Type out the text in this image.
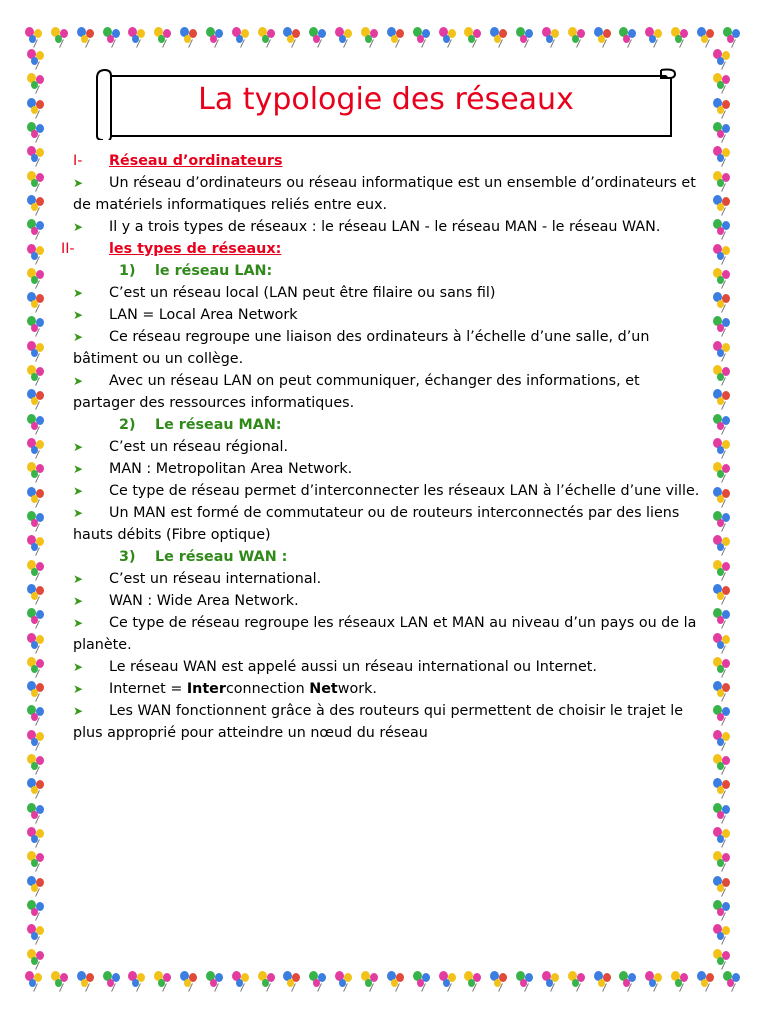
La typologie des réseaux
I- Réseau d’ordinateurs
➤ Un réseau d’ordinateurs ou réseau informatique est un ensemble d’ordinateurs et de matériels informatiques reliés entre eux.
➤ Il y a trois types de réseaux : le réseau LAN - le réseau MAN - le réseau WAN.
II- les types de réseaux:
1) le réseau LAN:
➤ C’est un réseau local (LAN peut être filaire ou sans fil)
➤ LAN = Local Area Network
➤ Ce réseau regroupe une liaison des ordinateurs à l’échelle d’une salle, d’un bâtiment ou un collège.
➤ Avec un réseau LAN on peut communiquer, échanger des informations, et partager des ressources informatiques.
2) Le réseau MAN:
➤ C’est un réseau régional.
➤ MAN : Metropolitan Area Network.
➤ Ce type de réseau permet d’interconnecter les réseaux LAN à l’échelle d’une ville.
➤ Un MAN est formé de commutateur ou de routeurs interconnectés par des liens hauts débits (Fibre optique)
3) Le réseau WAN :
➤ C’est un réseau international.
➤ WAN : Wide Area Network.
➤ Ce type de réseau regroupe les réseaux LAN et MAN au niveau d’un pays ou de la planète.
➤ Le réseau WAN est appelé aussi un réseau international ou Internet.
➤ Internet = Interconnection Network.
➤ Les WAN fonctionnent grâce à des routeurs qui permettent de choisir le trajet le plus approprié pour atteindre un nœud du réseau
